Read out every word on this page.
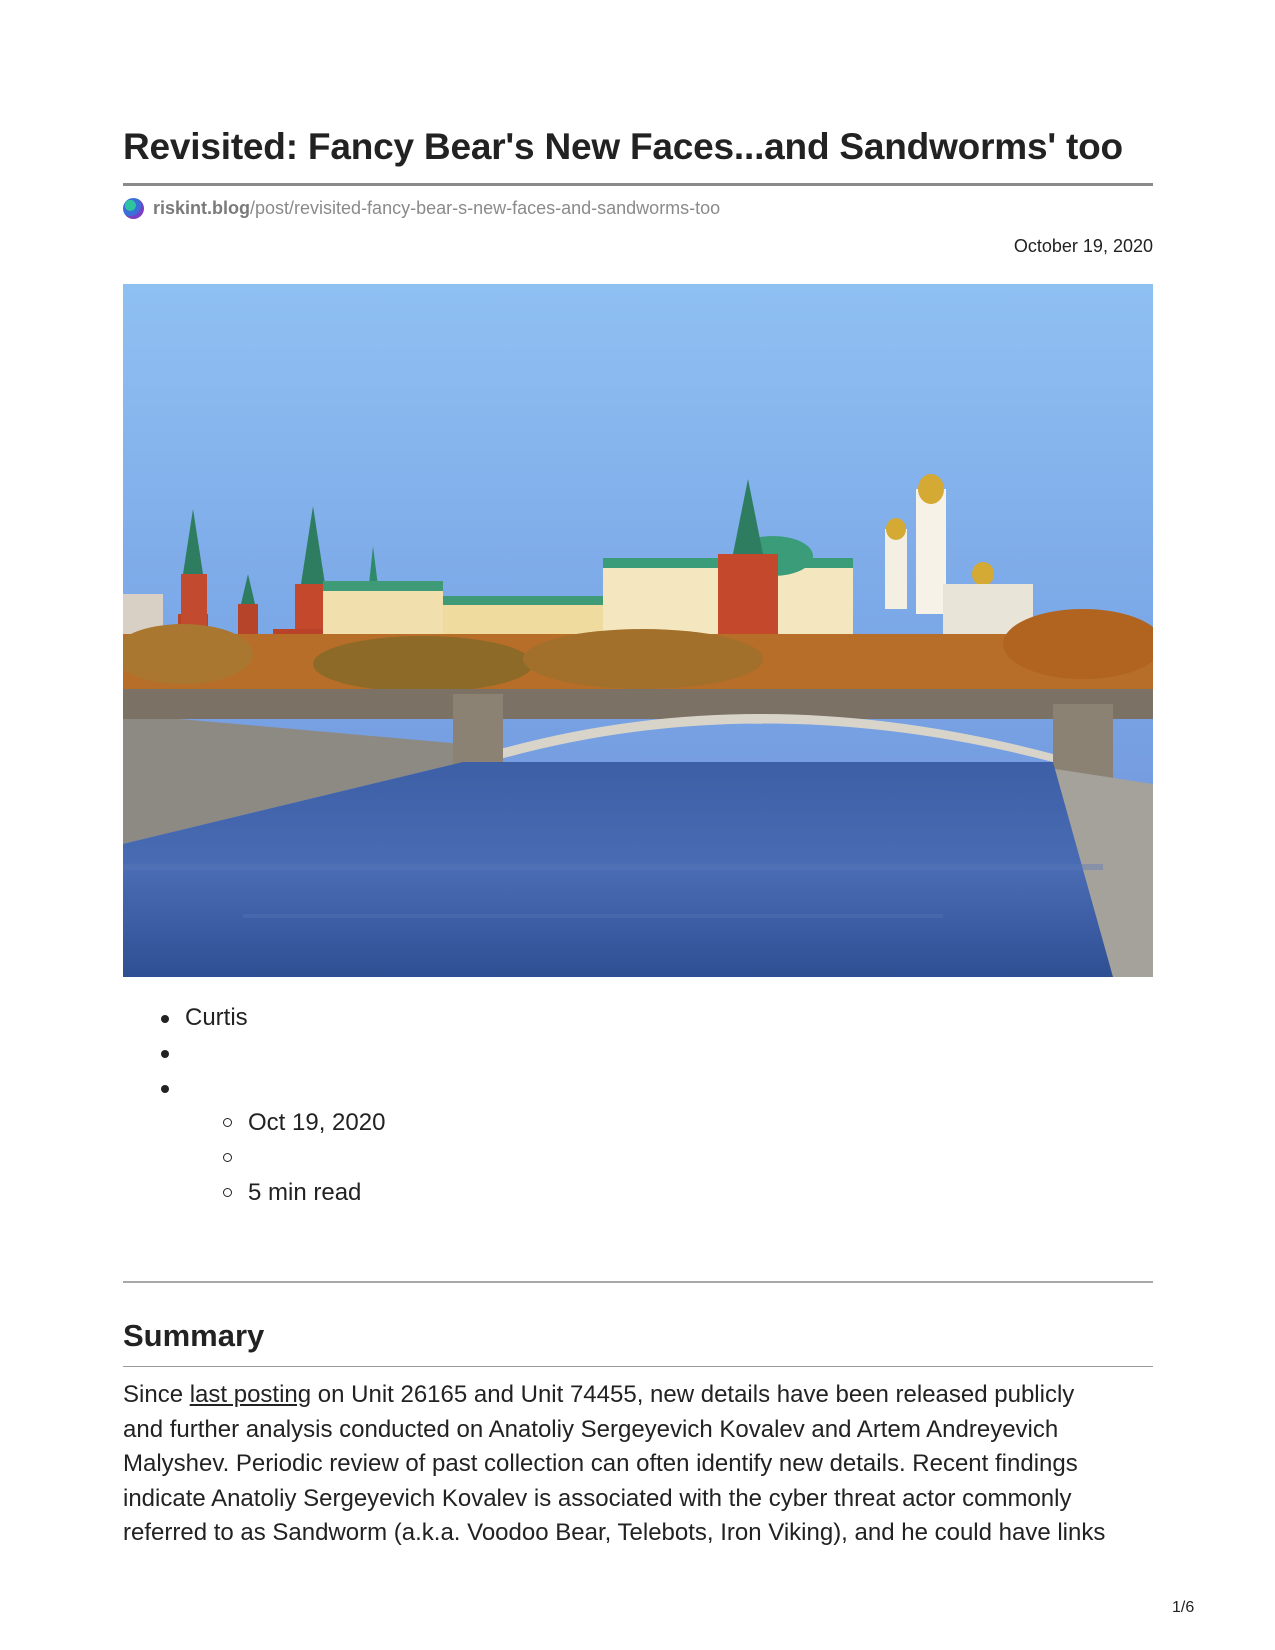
Revisited: Fancy Bear's New Faces...and Sandworms' too
riskint.blog /post/revisited-fancy-bear-s-new-faces-and-sandworms-too
October 19, 2020
Curtis
Oct 19, 2020
5 min read
Summary

Since last posting on Unit 26165 and Unit 74455, new details have been released publicly
and further analysis conducted on Anatoliy Sergeyevich Kovalev and Artem Andreyevich
Malyshev. Periodic review of past collection can often identify new details. Recent findings
indicate Anatoliy Sergeyevich Kovalev is associated with the cyber threat actor commonly
referred to as Sandworm (a.k.a. Voodoo Bear, Telebots, Iron Viking), and he could have links

1/6
